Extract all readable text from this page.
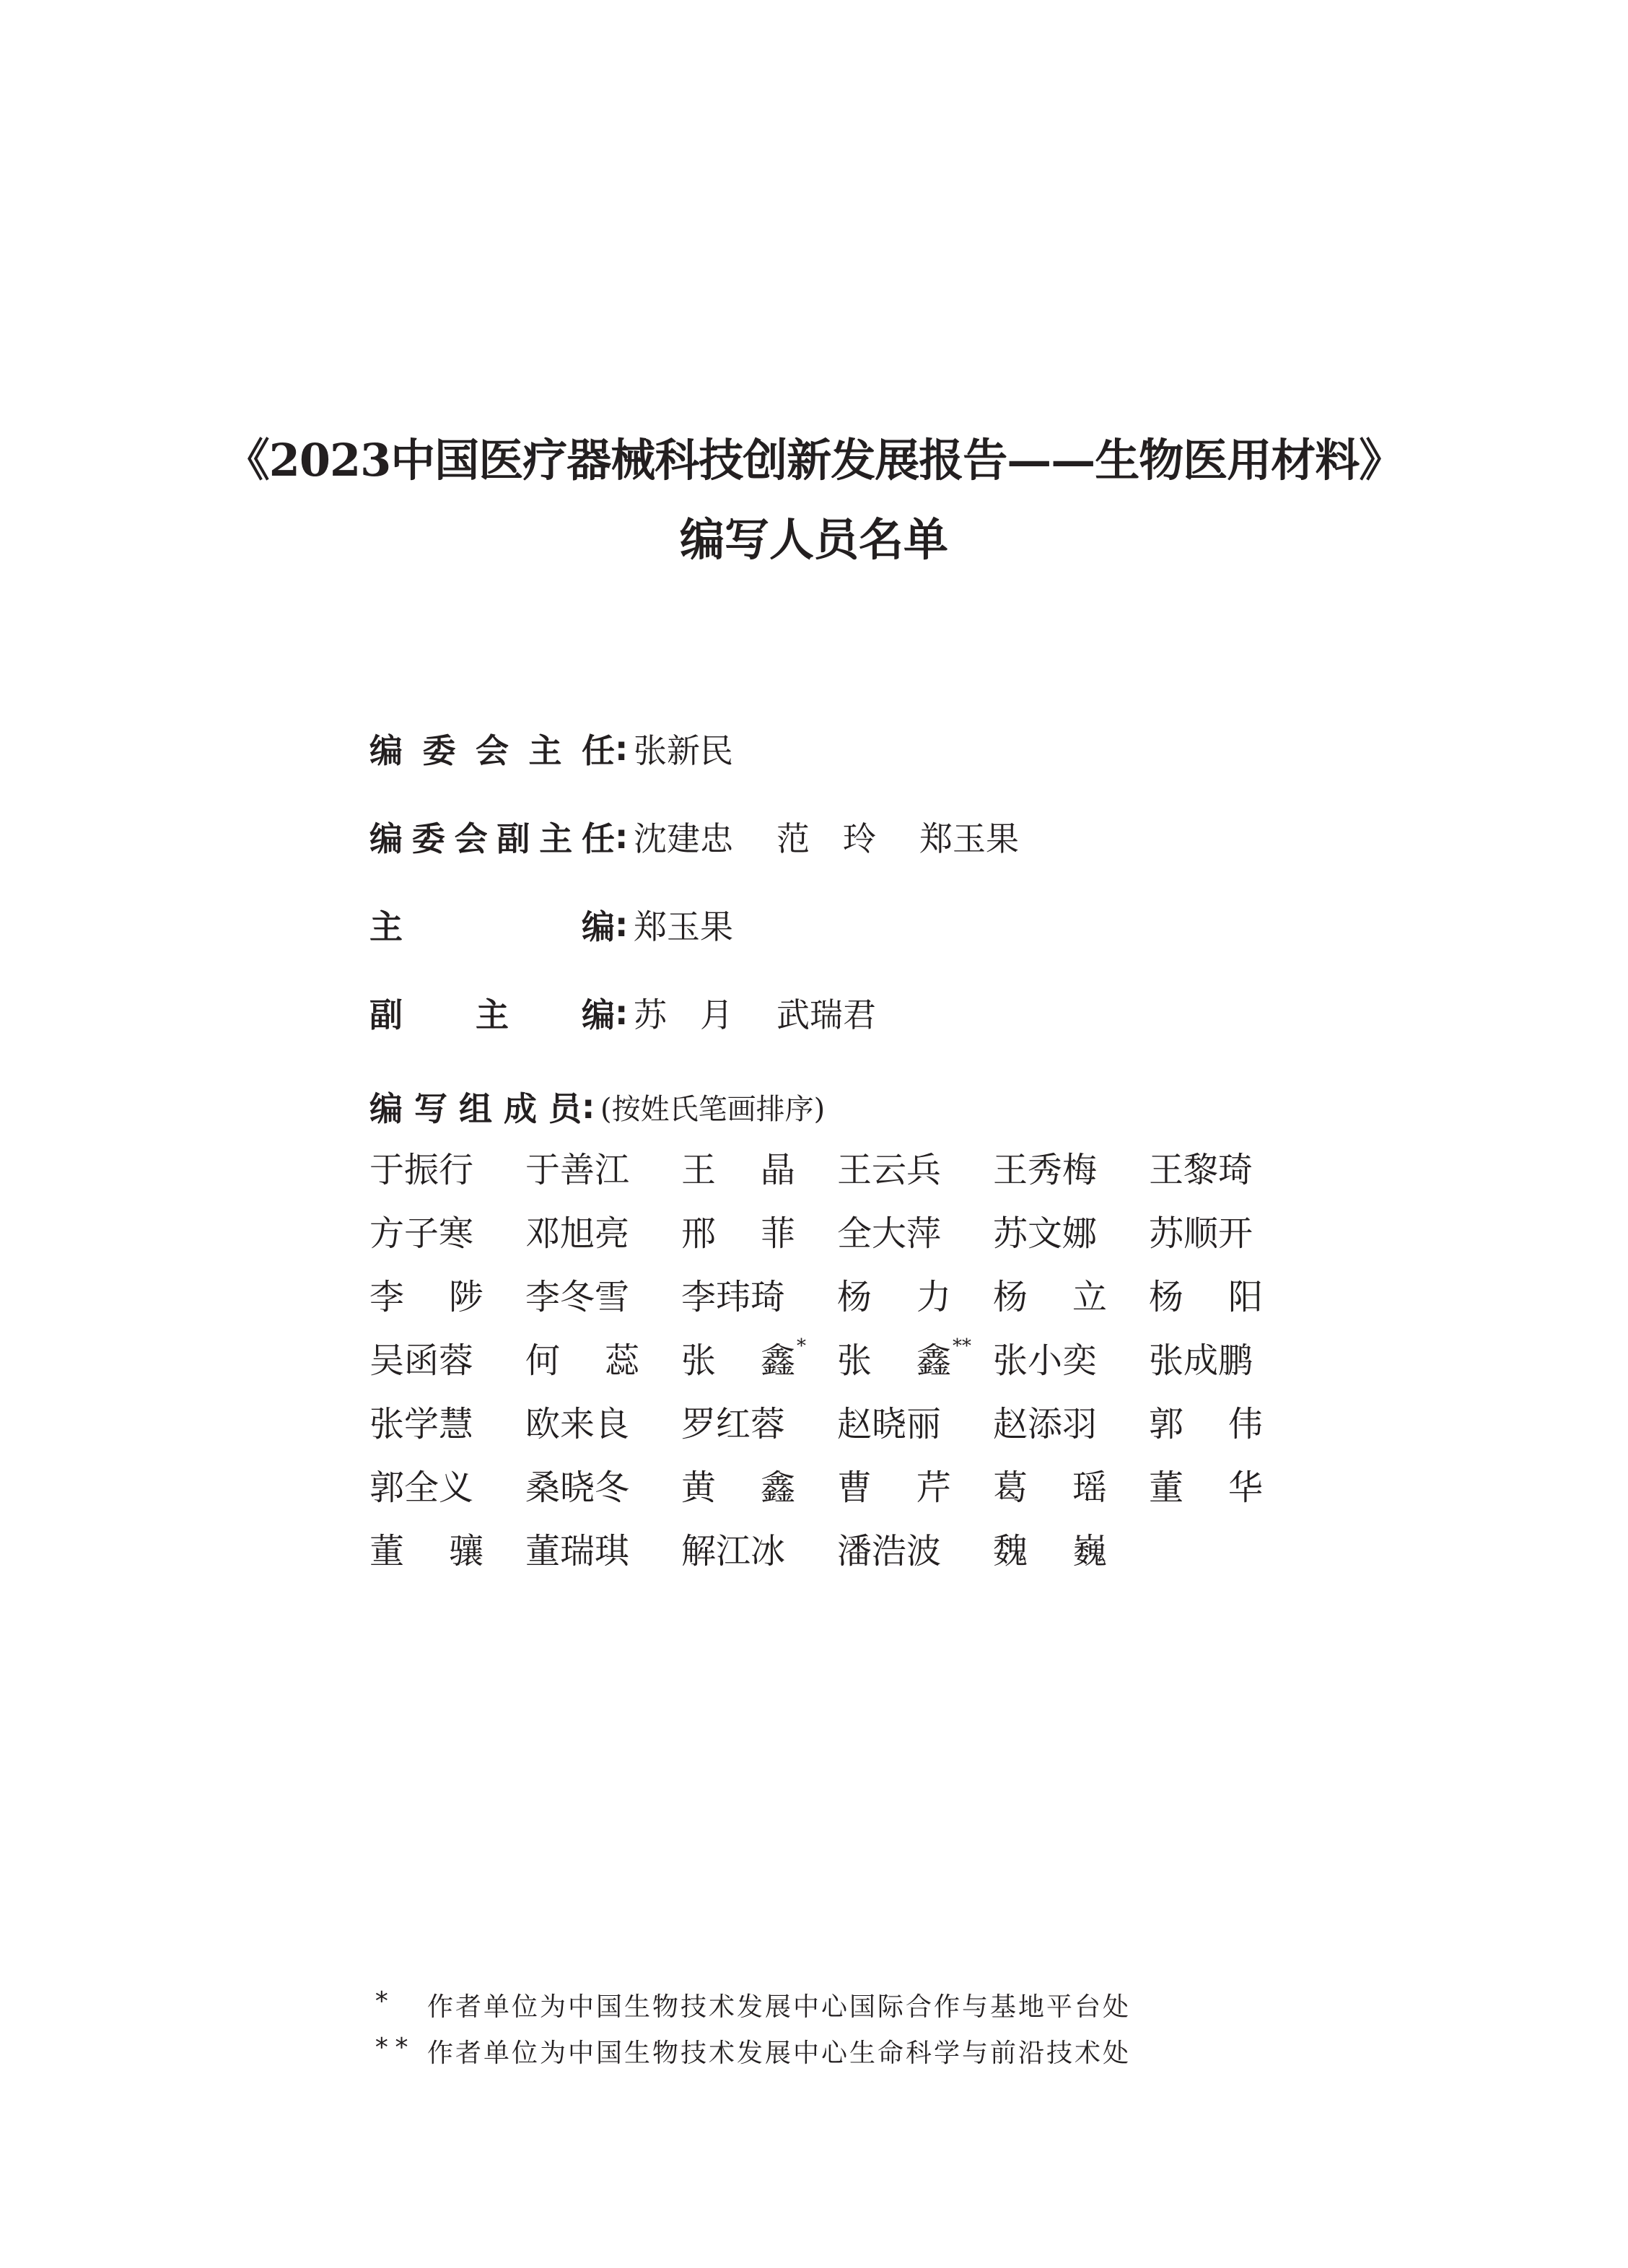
《2023中国医疗器械科技创新发展报告——生物医用材料》
编写人员名单
编 委 会 主 任 : 张新民
编 委 会 副 主 任 : 沈建忠 范　玲 郑玉果
主	编 : 郑玉果
副 主 编 : 苏　月 武瑞君
编 写 组 成 员 : (按姓氏笔画排序)
于振行 于善江 王 晶 王云兵 王秀梅 王黎琦
方子寒 邓旭亮 邢 菲 全大萍 苏文娜 苏顺开
李 陟 李冬雪 李玮琦 杨 力 杨 立 杨 阳
吴函蓉 何 蕊 张 鑫* 张 鑫** 张小奕 张成鹏
张学慧 欧来良 罗红蓉 赵晓丽 赵添羽 郭 伟
郭全义 桑晓冬 黄 鑫 曹 芹 葛 瑶 董 华
董 骧 董瑞琪 解江冰 潘浩波 魏 巍
*	作者单位为中国生物技术发展中心国际合作与基地平台处
** 作者单位为中国生物技术发展中心生命科学与前沿技术处
